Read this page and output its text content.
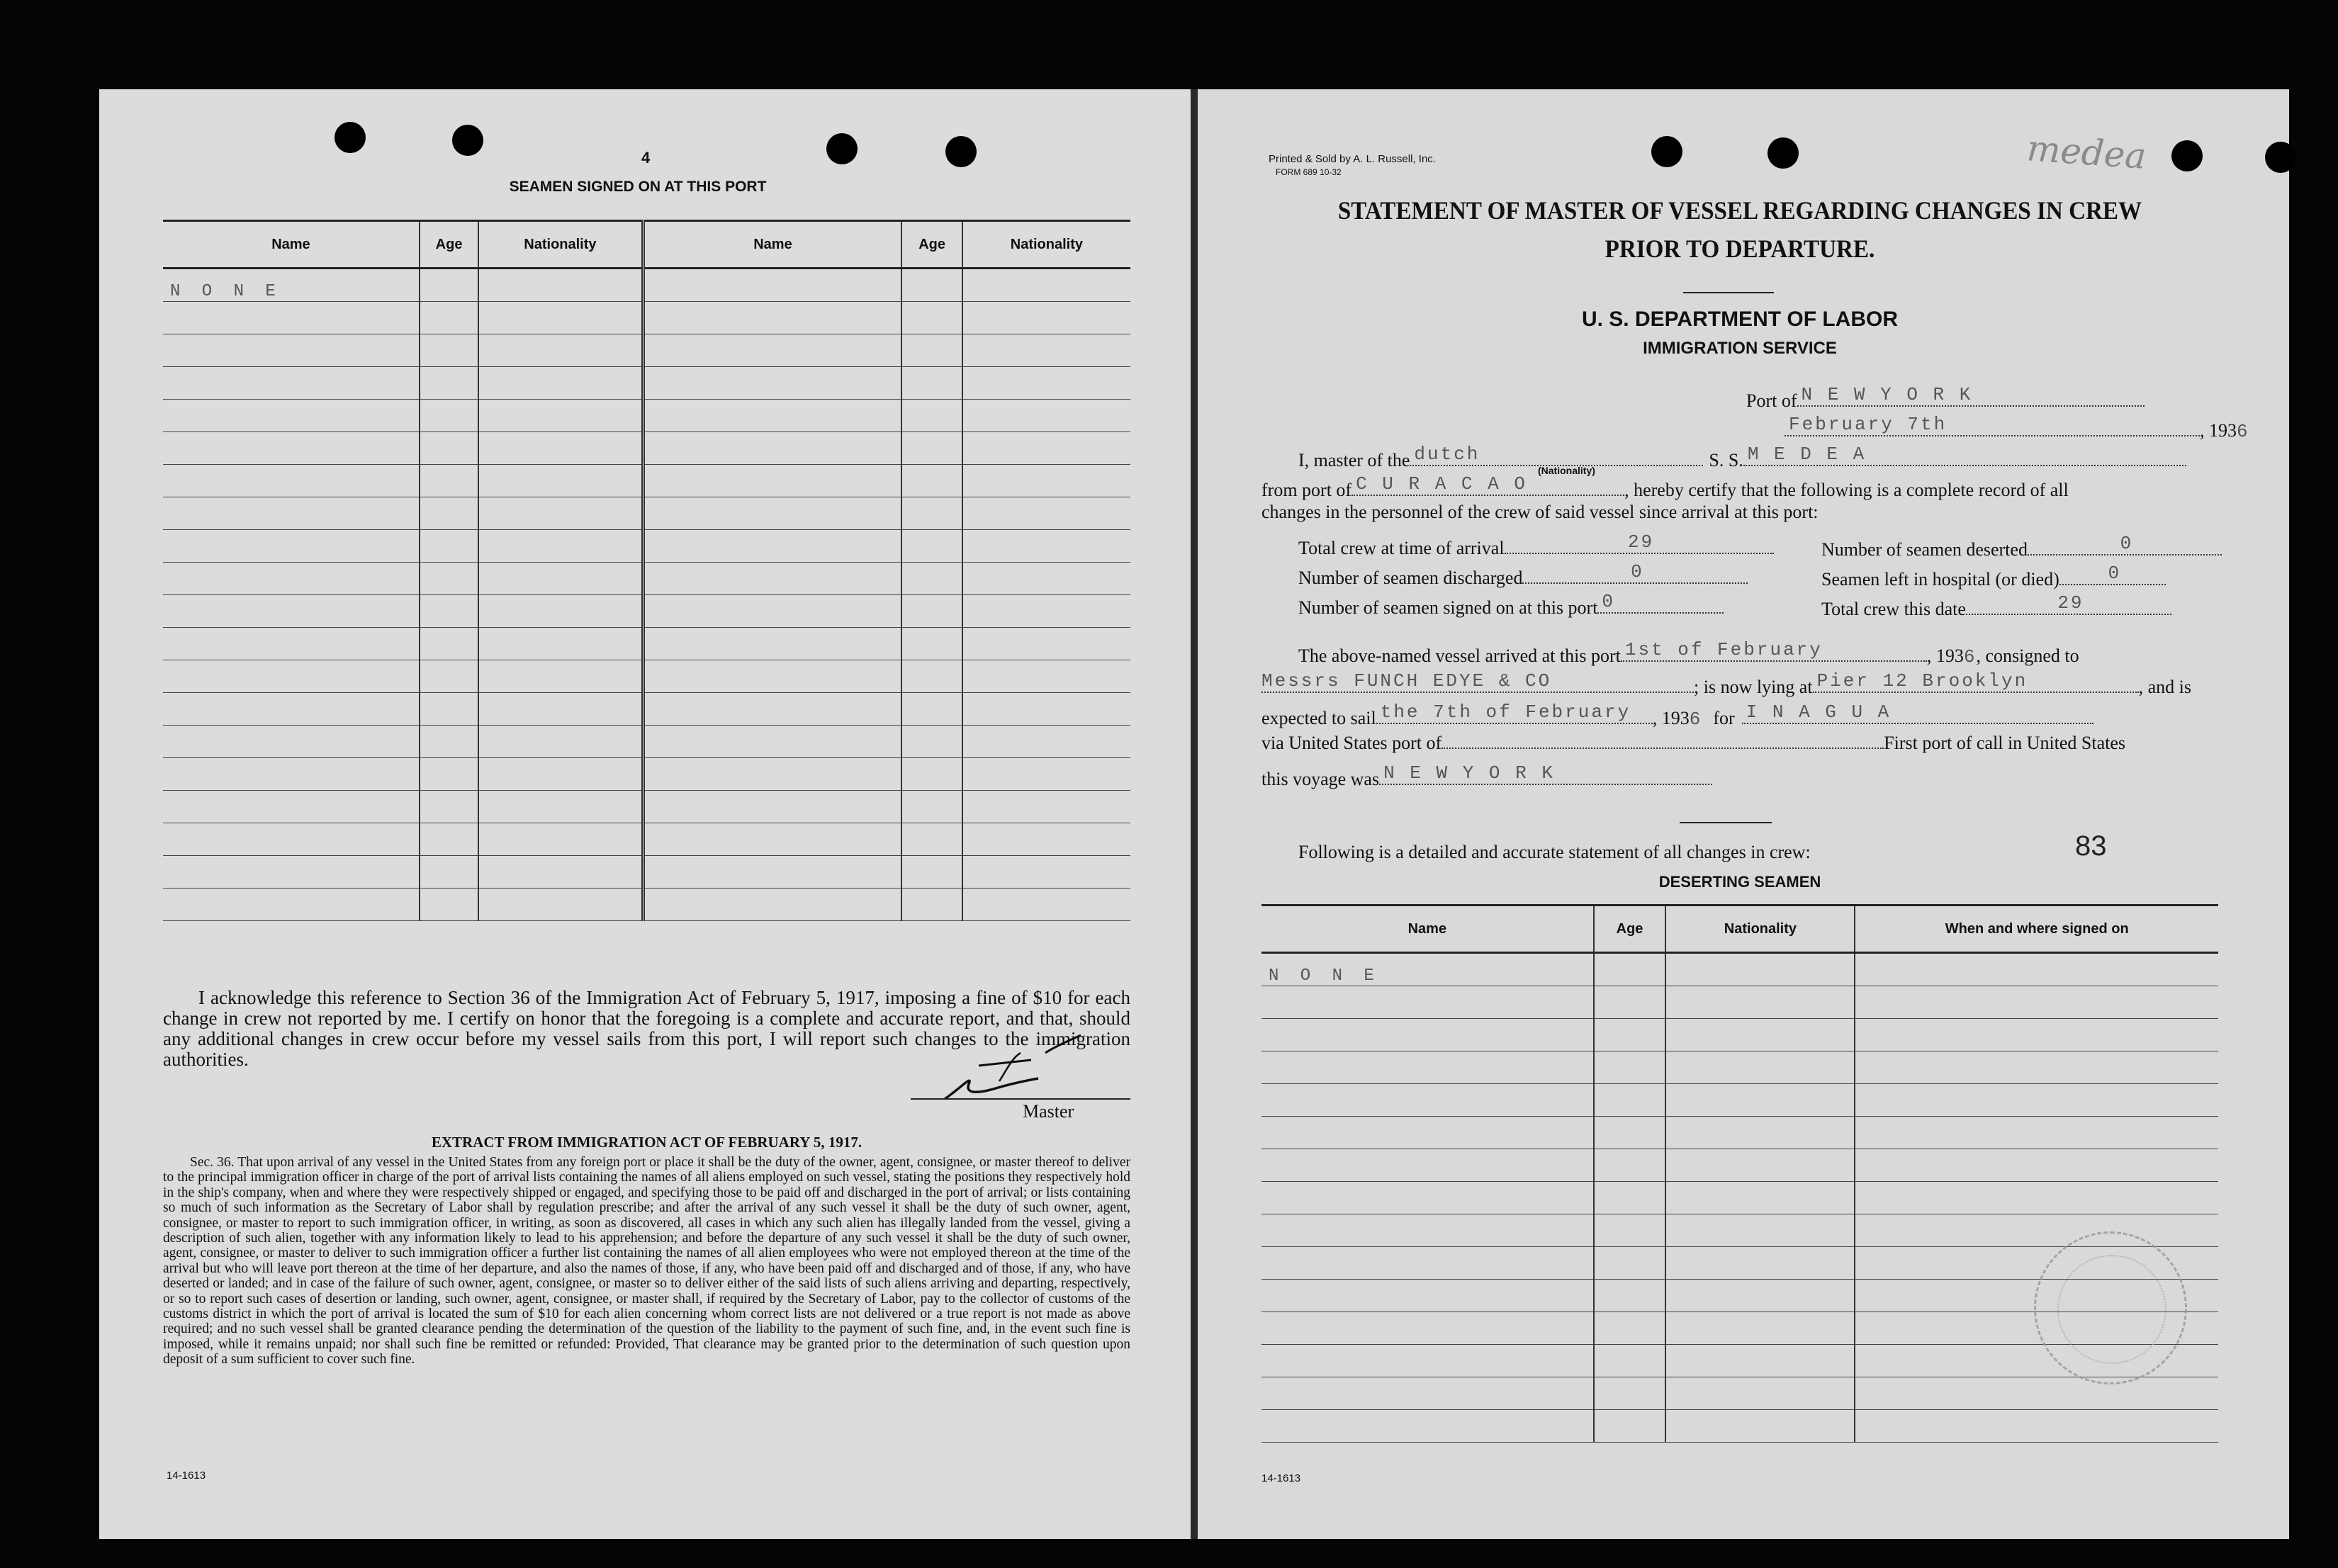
4
SEAMEN SIGNED ON AT THIS PORT
Name	Age	Nationality	Name	Age	Nationality
N O N E					

I acknowledge this reference to Section 36 of the Immigration Act of February 5, 1917, imposing a fine of $10 for each change in crew not reported by me. I certify on honor that the foregoing is a complete and accurate report, and that, should any additional changes in crew occur before my vessel sails from this port, I will report such changes to the immigration authorities.
Master
EXTRACT FROM IMMIGRATION ACT OF FEBRUARY 5, 1917.
Sec. 36. That upon arrival of any vessel in the United States from any foreign port or place it shall be the duty of the owner, agent, consignee, or master thereof to deliver to the principal immigration officer in charge of the port of arrival lists containing the names of all aliens employed on such vessel, stating the positions they respectively hold in the ship's company, when and where they were respectively shipped or engaged, and specifying those to be paid off and discharged in the port of arrival; or lists containing so much of such information as the Secretary of Labor shall by regulation prescribe; and after the arrival of any such vessel it shall be the duty of such owner, agent, consignee, or master to report to such immigration officer, in writing, as soon as discovered, all cases in which any such alien has illegally landed from the vessel, giving a description of such alien, together with any information likely to lead to his apprehension; and before the departure of any such vessel it shall be the duty of such owner, agent, consignee, or master to deliver to such immigration officer a further list containing the names of all alien employees who were not employed thereon at the time of the arrival but who will leave port thereon at the time of her departure, and also the names of those, if any, who have been paid off and discharged and of those, if any, who have deserted or landed; and in case of the failure of such owner, agent, consignee, or master so to deliver either of the said lists of such aliens arriving and departing, respectively, or so to report such cases of desertion or landing, such owner, agent, consignee, or master shall, if required by the Secretary of Labor, pay to the collector of customs of the customs district in which the port of arrival is located the sum of $10 for each alien concerning whom correct lists are not delivered or a true report is not made as above required; and no such vessel shall be granted clearance pending the determination of the question of the liability to the payment of such fine, and, in the event such fine is imposed, while it remains unpaid; nor shall such fine be remitted or refunded: Provided, That clearance may be granted prior to the determination of such question upon deposit of a sum sufficient to cover such fine.
14-1613
Printed & Sold by A. L. Russell, Inc.
FORM 689 10-32	medea
STATEMENT OF MASTER OF VESSEL REGARDING CHANGES IN CREW
PRIOR TO DEPARTURE.
U. S. DEPARTMENT OF LABOR
IMMIGRATION SERVICE
Port of N E W Y O R K
February 7th	, 1936
I, master of the dutch	S. S. M E D E A
(Nationality)
from port of C U R A C A O	, hereby certify that the following is a complete record of all
changes in the personnel of the crew of said vessel since arrival at this port:
Total crew at time of arrival	29	Number of seamen deserted	0
Number of seamen discharged	0	Seamen left in hospital (or died)	0
Number of seamen signed on at this port 0	Total crew this date	29
The above-named vessel arrived at this port 1st of February	, 1936, consigned to
Messrs FUNCH EDYE & CO	; is now lying at Pier 12 Brooklyn	, and is
expected to sail the 7th of February , 1936 for I N A G U A
via United States port of	First port of call in United States
this voyage was N E W Y O R K
Following is a detailed and accurate statement of all changes in crew:	83
DESERTING SEAMEN
Name	Age	Nationality	When and where signed on
N O N E			

14-1613
